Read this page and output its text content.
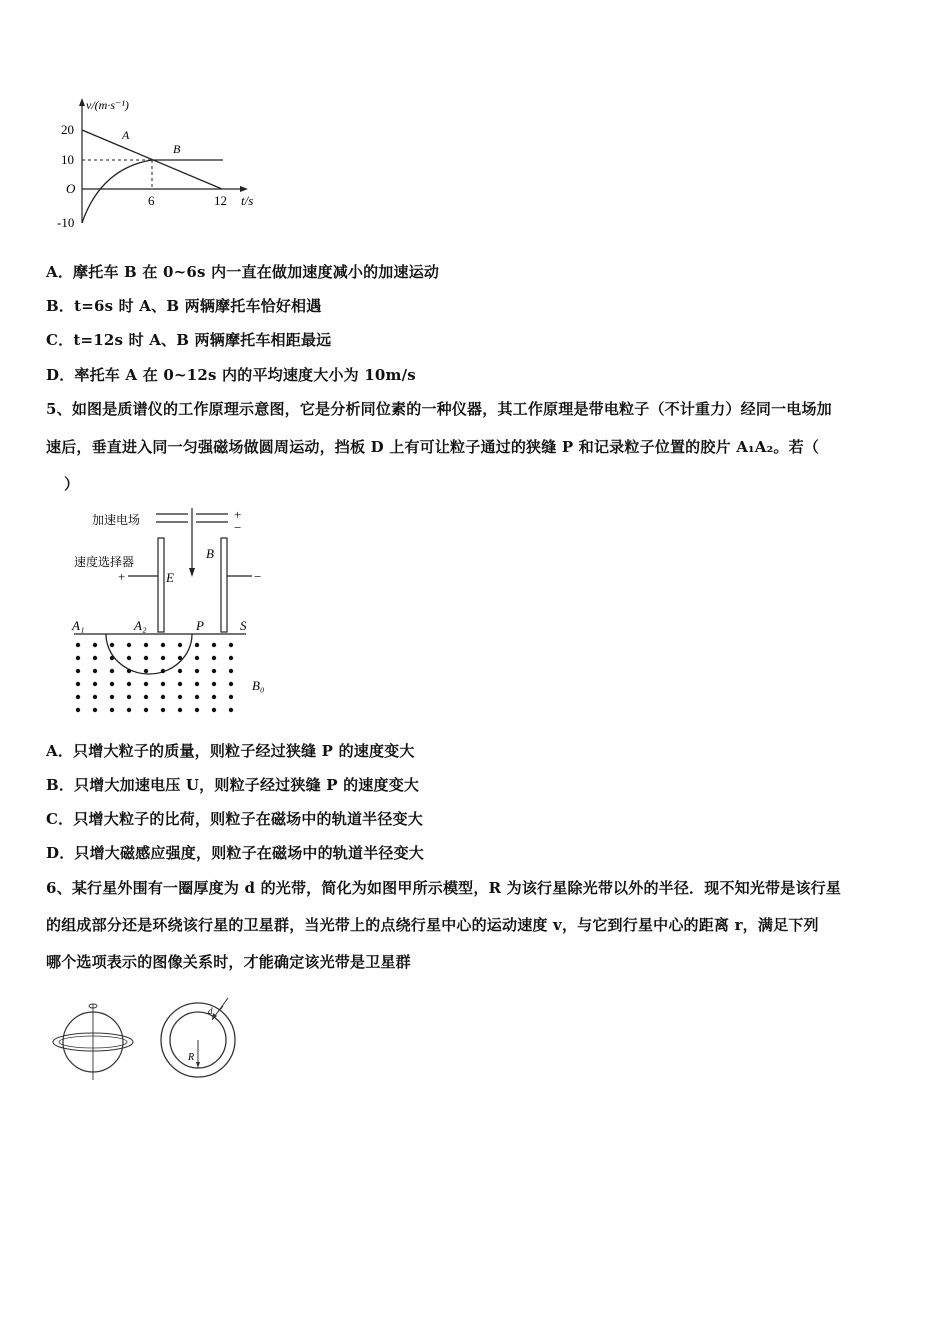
v/(m·s⁻¹)
20
10
O
-10
6	12 t/s
A
B
A．摩托车 B 在 0~6s 内一直在做加速度减小的加速运动
B．t=6s 时 A、B 两辆摩托车恰好相遇
C．t=12s 时 A、B 两辆摩托车相距最远
D．率托车 A 在 0~12s 内的平均速度大小为 10m/s
5、如图是质谱仪的工作原理示意图，它是分析同位素的一种仪器，其工作原理是带电粒子（不计重力）经同一电场加
速后，垂直进入同一匀强磁场做圆周运动，挡板 D 上有可让粒子通过的狭缝 P 和记录粒子位置的胶片 A₁A₂。若（
）
加速电场	+
−
速度选择器
+	E
B
−
A₁	A₂	P	S
B₀
A．只增大粒子的质量，则粒子经过狭缝 P 的速度变大
B．只增大加速电压 U，则粒子经过狭缝 P 的速度变大
C．只增大粒子的比荷，则粒子在磁场中的轨道半径变大
D．只增大磁感应强度，则粒子在磁场中的轨道半径变大
6、某行星外围有一圈厚度为 d 的光带，简化为如图甲所示模型，R 为该行星除光带以外的半径．现不知光带是该行星
的组成部分还是环绕该行星的卫星群，当光带上的点绕行星中心的运动速度 v，与它到行星中心的距离 r，满足下列
哪个选项表示的图像关系时，才能确定该光带是卫星群
R
d
